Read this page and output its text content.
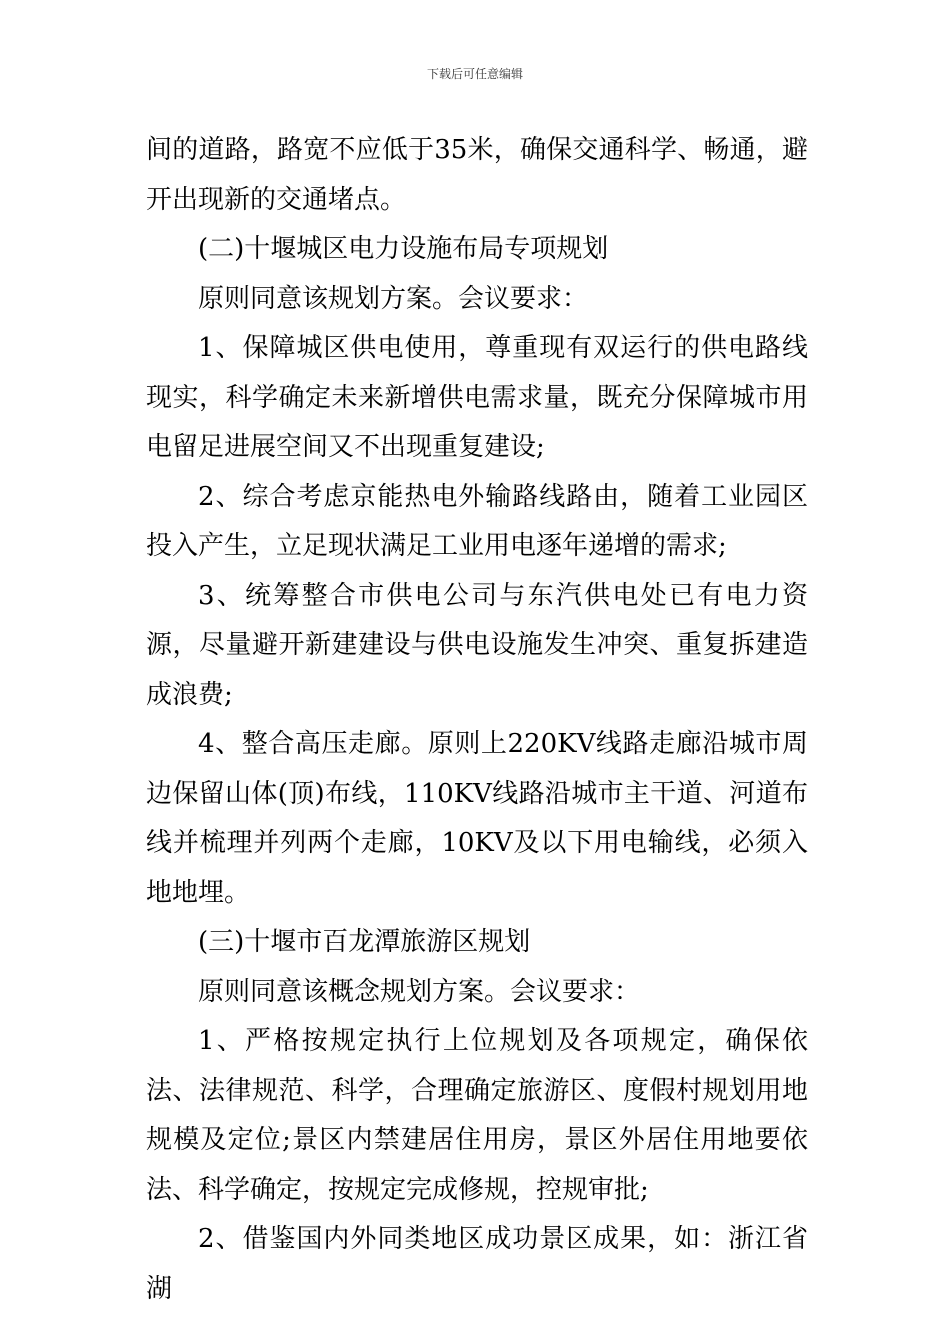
下载后可任意编辑

间的道路，路宽不应低于35米，确保交通科学、畅通，避开出现新的交通堵点。

(二)十堰城区电力设施布局专项规划

原则同意该规划方案。会议要求：

1、保障城区供电使用，尊重现有双运行的供电路线现实，科学确定未来新增供电需求量，既充分保障城市用电留足进展空间又不出现重复建设;

2、综合考虑京能热电外输路线路由，随着工业园区投入产生，立足现状满足工业用电逐年递增的需求;

3、统筹整合市供电公司与东汽供电处已有电力资源，尽量避开新建建设与供电设施发生冲突、重复拆建造成浪费;

4、整合高压走廊。原则上220KV线路走廊沿城市周边保留山体(顶)布线，110KV线路沿城市主干道、河道布线并梳理并列两个走廊，10KV及以下用电输线，必须入地地埋。

(三)十堰市百龙潭旅游区规划

原则同意该概念规划方案。会议要求：

1、严格按规定执行上位规划及各项规定，确保依法、法律规范、科学，合理确定旅游区、度假村规划用地规模及定位;景区内禁建居住用房，景区外居住用地要依法、科学确定，按规定完成修规，控规审批;

2、借鉴国内外同类地区成功景区成果，如：浙江省湖
